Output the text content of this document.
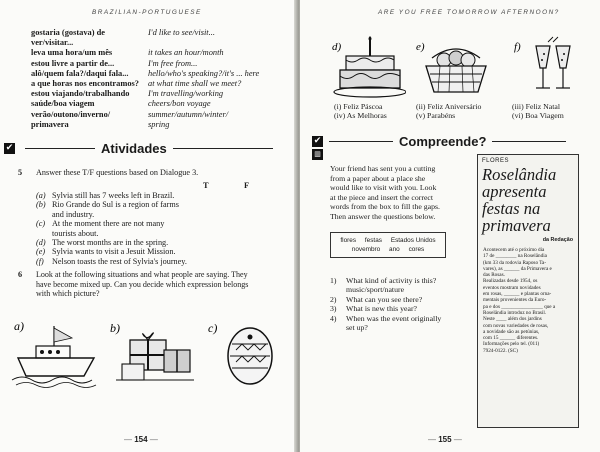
BRAZILIAN-PORTUGUESE
gostaria (gostava) de	I'd like to see/visit...
ver/visitar...
leva uma hora/um mês	it takes an hour/month
estou livre a partir de...	I'm free from...
alô/quem fala?/daqui fala...	hello/who's speaking?/it's ... here
a que horas nos encontramos?	at what time shall we meet?
estou viajando/trabalhando	I'm travelling/working
saúde/boa viagem	cheers/bon voyage
verão/outono/inverno/	summer/autumn/winter/
primavera	spring
✔	Atividades
5 Answer these T/F questions based on Dialogue 3.
T	F
(a) Sylvia still has 7 weeks left in Brazil.
(b) Rio Grande do Sul is a region of farms
and industry.
(c) At the moment there are not many
tourists about.
(d) The worst months are in the spring.
(e) Sylvia wants to visit a Jesuit Mission.
(f) Nelson toasts the rest of Sylvia's journey.
6 Look at the following situations and what people are saying. They
have become mixed up. Can you decide which expression belongs
with which picture?
a)	b)	c)
— 154 —
ARE YOU FREE TOMORROW AFTERNOON?
d)	e)	f)
(i) Feliz Páscoa	(ii) Feliz Aniversário	(iii) Feliz Natal
(iv) As Melhoras	(v) Parabéns	(vi) Boa Viagem
✔	Compreende?
▥
Your friend has sent you a cutting
from a paper about a place she
would like to visit with you. Look
at the piece and insert the correct
words from the box to fill the gaps.
Then answer the questions below.
flores     festas     Estados Unidos
novembro     ano     cores
1) What kind of activity is this?
music/sport/nature
2) What can you see there?
3) What is new this year?
4) When was the event originally
set up?
FLORES
Roselândia
apresenta
festas na
primavera
da Redação
Acontecem até o próximo dia
17 de ________ na Roselândia
(km 33 da rodovia Raposo Ta-
vares), as ______ da Primavera e
das Rosas.
Realizadas desde 1954, os
eventos mostram novidades
em rosas, ______ e plantas orna-
mentais provenientes da Euro-
pa e dos ________________ que a
Roselândia introduz no Brasil.
Neste ____ além dos jardins
com novas variedades de rosas,
a novidade são as petúnias,
com 15 ______ diferentes.
Informações pelo tel. (011)
7924-0122. (SC)
— 155 —
